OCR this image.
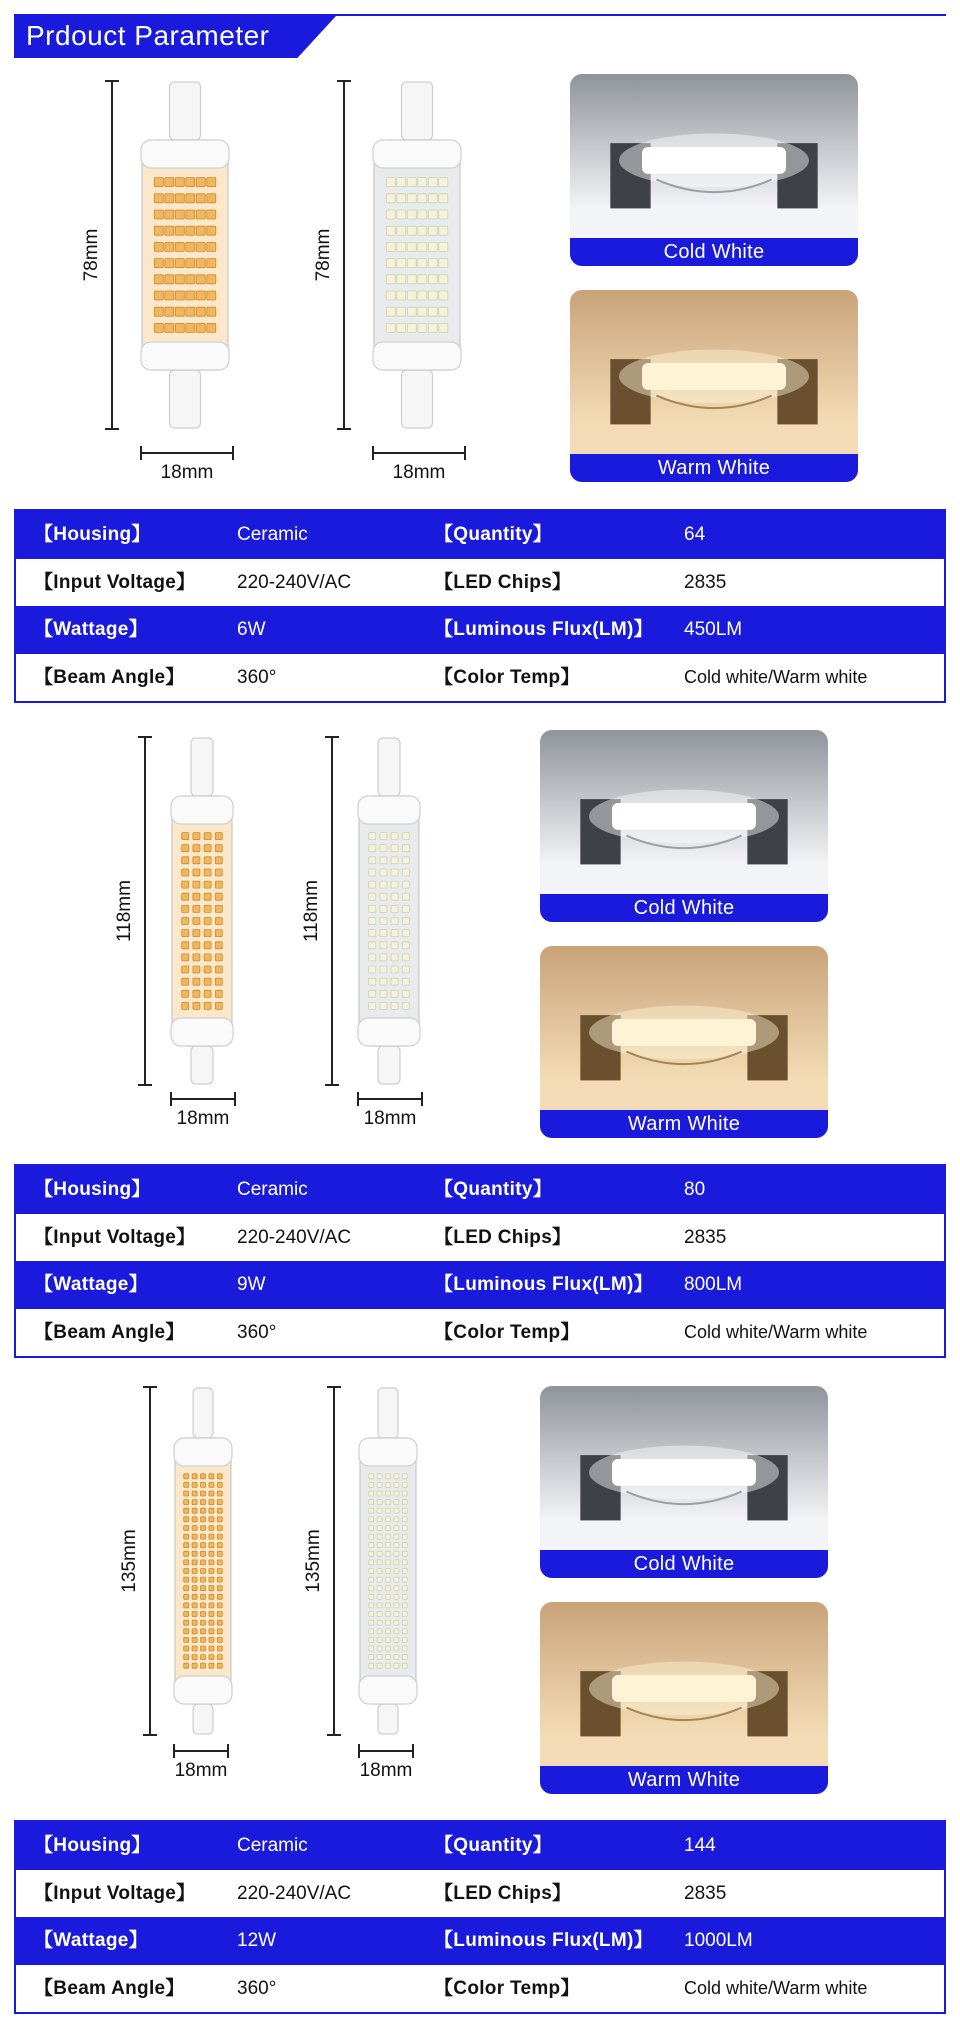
Prdouct Parameter
78mm	78mm
18mm	18mm
Cold White
Warm White
【Housing】	Ceramic	【Quantity】	64
【Input Voltage】 220-240V/AC	【LED Chips】	2835
【Wattage】	6W	【Luminous Flux(LM)】 450LM
【Beam Angle】	360°	【Color Temp】	Cold white/Warm white
118mm	118mm
18mm	18mm
Cold White
Warm White
【Housing】	Ceramic	【Quantity】	80
【Input Voltage】 220-240V/AC	【LED Chips】	2835
【Wattage】	9W	【Luminous Flux(LM)】 800LM
【Beam Angle】	360°	【Color Temp】	Cold white/Warm white
135mm	135mm
18mm	18mm
Cold White
Warm White
【Housing】	Ceramic	【Quantity】	144
【Input Voltage】 220-240V/AC	【LED Chips】	2835
【Wattage】	12W	【Luminous Flux(LM)】 1000LM
【Beam Angle】	360°	【Color Temp】	Cold white/Warm white
